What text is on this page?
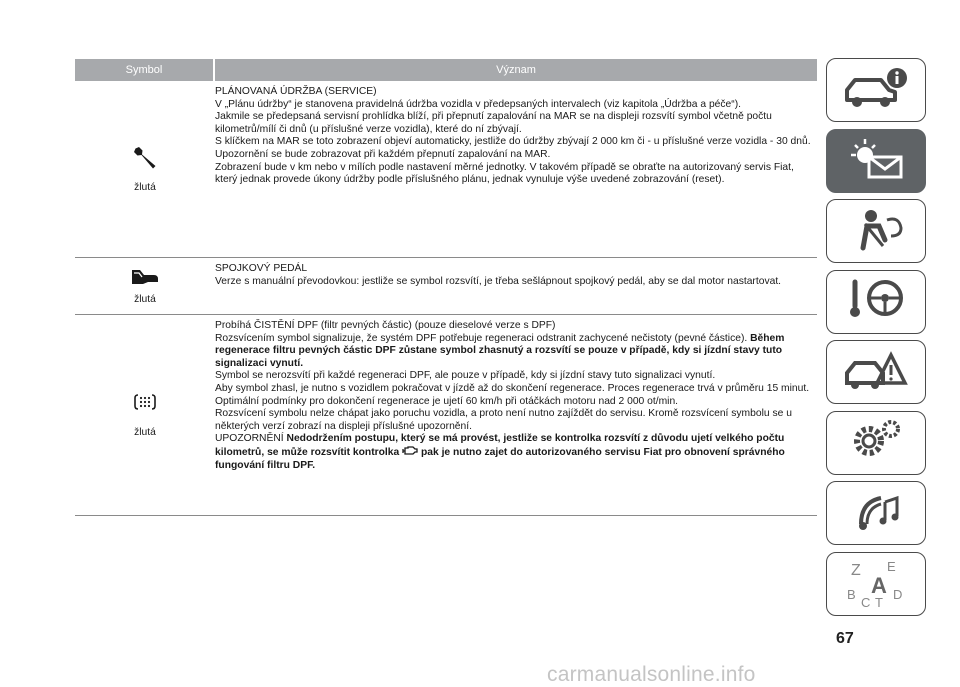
Symbol	Význam
žlutá

PLÁNOVANÁ ÚDRŽBA (SERVICE)

V „Plánu údržby“ je stanovena pravidelná údržba vozidla v předepsaných intervalech (viz kapitola „Údržba a péče“).

Jakmile se předepsaná servisní prohlídka blíží, při přepnutí zapalování na MAR se na displeji rozsvítí symbol včetně počtu kilometrů/mílí či dnů (u příslušné verze vozidla), které do ní zbývají.

S klíčkem na MAR se toto zobrazení objeví automaticky, jestliže do údržby zbývají 2 000 km či - u příslušné verze vozidla - 30 dnů. Upozornění se bude zobrazovat při každém přepnutí zapalování na MAR.

Zobrazení bude v km nebo v mílích podle nastavení měrné jednotky. V takovém případě se obraťte na autorizovaný servis Fiat, který jednak provede úkony údržby podle příslušného plánu, jednak vynuluje výše uvedené zobrazování (reset).

žlutá

SPOJKOVÝ PEDÁL

Verze s manuální převodovkou: jestliže se symbol rozsvítí, je třeba sešlápnout spojkový pedál, aby se dal motor nastartovat.

žlutá

Probíhá ČISTĚNÍ DPF (filtr pevných částic) (pouze dieselové verze s DPF)

Rozsvícením symbol signalizuje, že systém DPF potřebuje regeneraci odstranit zachycené nečistoty (pevné částice). Během regenerace filtru pevných částic DPF zůstane symbol zhasnutý a rozsvítí se pouze v případě, kdy si jízdní stavy tuto signalizaci vynutí.

Symbol se nerozsvítí při každé regeneraci DPF, ale pouze v případě, kdy si jízdní stavy tuto signalizaci vynutí.

Aby symbol zhasl, je nutno s vozidlem pokračovat v jízdě až do skončení regenerace. Proces regenerace trvá v průměru 15 minut. Optimální podmínky pro dokončení regenerace je ujetí 60 km/h při otáčkách motoru nad 2 000 ot/min.

Rozsvícení symbolu nelze chápat jako poruchu vozidla, a proto není nutno zajíždět do servisu. Kromě rozsvícení symbolu se u některých verzí zobrazí na displeji příslušné upozornění.

UPOZORNĚNÍ Nedodržením postupu, který se má provést, jestliže se kontrolka rozsvítí z důvodu ujetí velkého počtu kilometrů, se může rozsvítit kontrolka  pak je nutno zajet do autorizovaného servisu Fiat pro obnovení správného fungování filtru DPF.

Z E
A
B	D
C T
67
carmanualsonline.info
